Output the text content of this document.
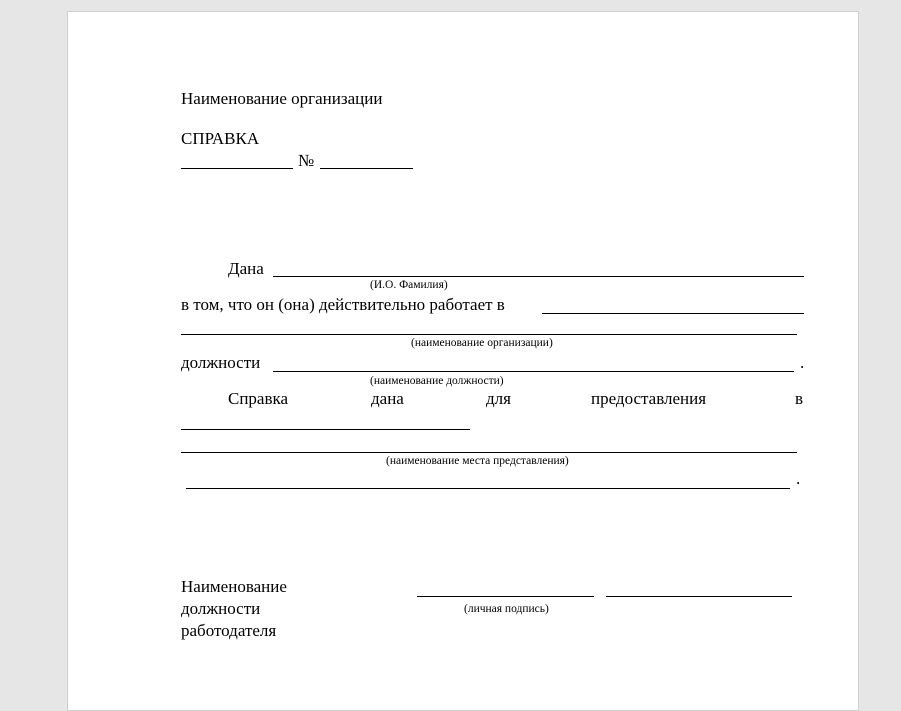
Наименование организации
СПРАВКА
№
Дана
(И.О. Фамилия)
в том, что он (она) действительно работает в
(наименование организации)
должности	.
(наименование должности)
Справка	дана	для	предоставления	в
(наименование места представления)
.
Наименование
должности
работодателя
(личная подпись)
